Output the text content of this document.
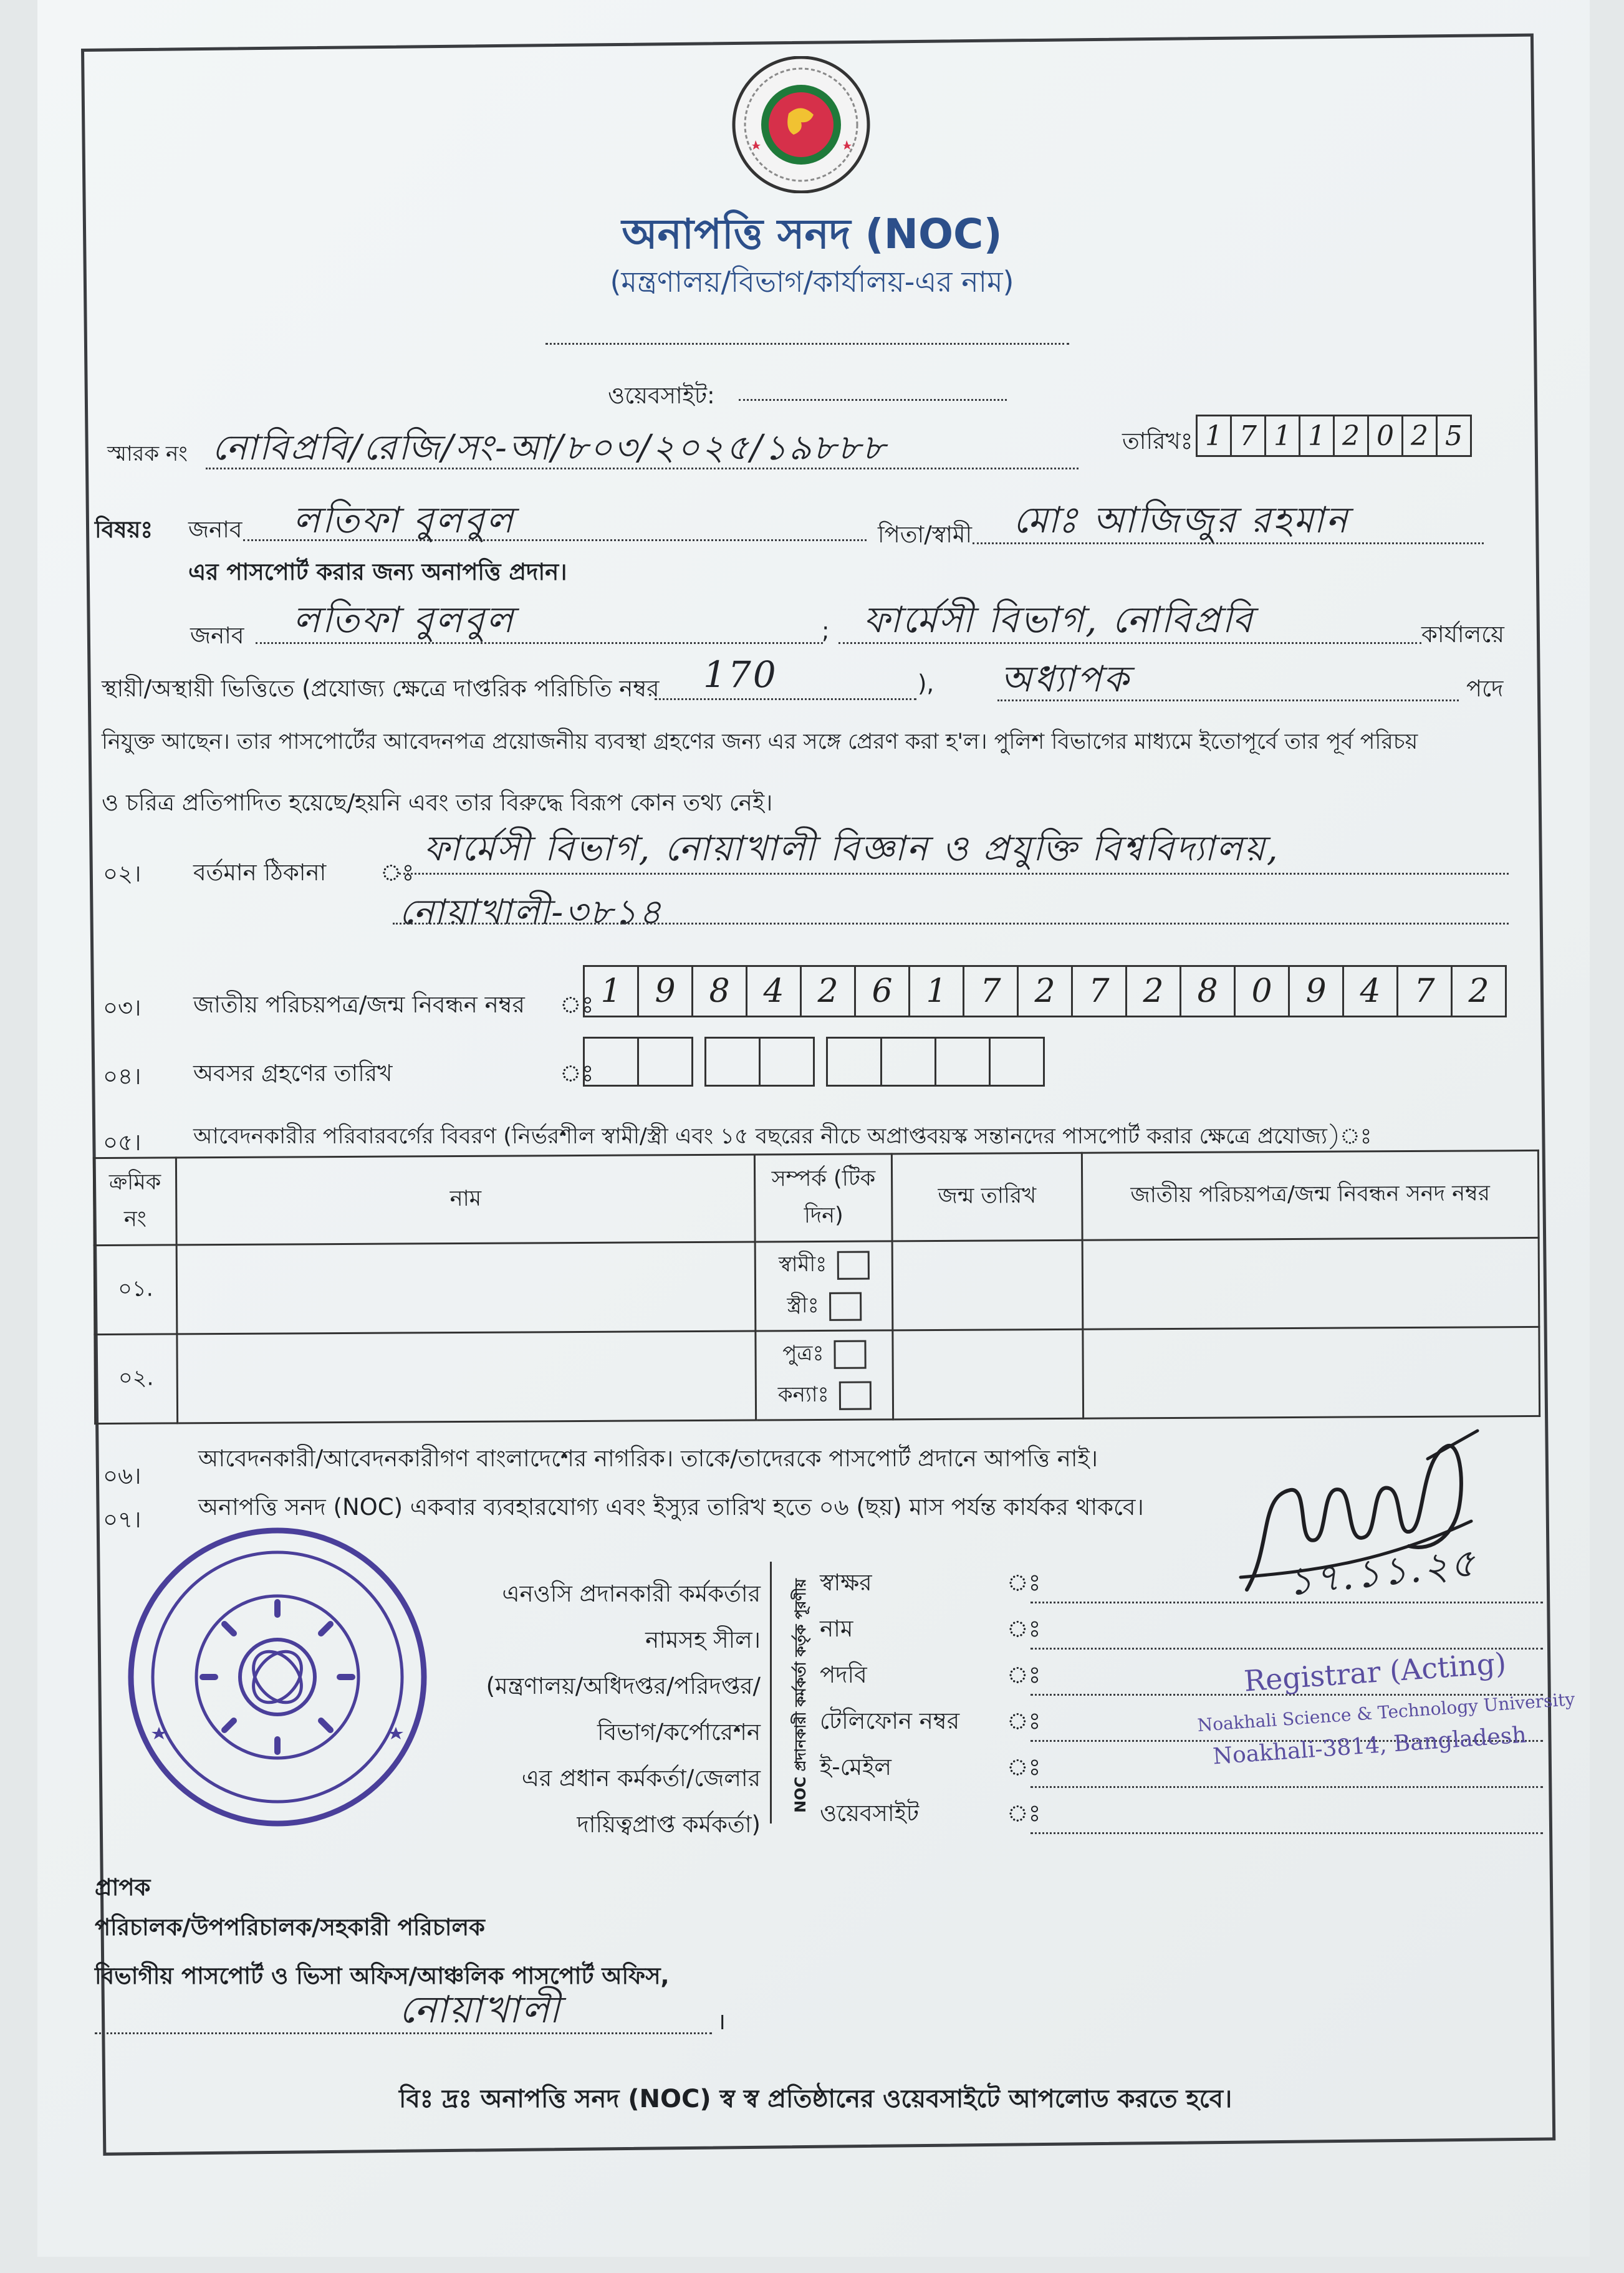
অনাপত্তি সনদ (NOC)
(মন্ত্রণালয়/বিভাগ/কার্যালয়-এর নাম)
ওয়েবসাইট:
স্মারক নং নোবিপ্রবি/রেজি/সং-আ/৮০৩/২০২৫/১৯৮৮৮	তারিখঃ 1 7 1 1 2 0 2 5
বিষয়ঃ জনাব লতিফা বুলবুল	পিতা/স্বামী মোঃ আজিজুর রহমান
এর পাসপোর্ট করার জন্য অনাপত্তি প্রদান।
জনাব লতিফা বুলবুল	; ফার্মেসী বিভাগ, নোবিপ্রবি	কার্যালয়ে
স্থায়ী/অস্থায়ী ভিত্তিতে (প্রযোজ্য ক্ষেত্রে দাপ্তরিক পরিচিতি নম্বর 170	), অধ্যাপক	পদে
নিযুক্ত আছেন। তার পাসপোর্টের আবেদনপত্র প্রয়োজনীয় ব্যবস্থা গ্রহণের জন্য এর সঙ্গে প্রেরণ করা হ'ল। পুলিশ বিভাগের মাধ্যমে ইতোপূর্বে তার পূর্ব পরিচয়
ও চরিত্র প্রতিপাদিত হয়েছে/হয়নি এবং তার বিরুদ্ধে বিরূপ কোন তথ্য নেই।
০২। বর্তমান ঠিকানা ঃ
ফার্মেসী বিভাগ, নোয়াখালী বিজ্ঞান ও প্রযুক্তি বিশ্ববিদ্যালয়,
নোয়াখালী-৩৮১৪
০৩। জাতীয় পরিচয়পত্র/জন্ম নিবন্ধন নম্বর ঃ 1	9	8	4	2	6	1	7	2	7	2	8	0	9	4	7	2
০৪। অবসর গ্রহণের তারিখ	ঃ
০৫। আবেদনকারীর পরিবারবর্গের বিবরণ (নির্ভরশীল স্বামী/স্ত্রী এবং ১৫ বছরের নীচে অপ্রাপ্তবয়স্ক সন্তানদের পাসপোর্ট করার ক্ষেত্রে প্রযোজ্য)ঃ
ক্রমিক নং	নাম	সম্পর্ক (টিক দিন)	জন্ম তারিখ	জাতীয় পরিচয়পত্র/জন্ম নিবন্ধন সনদ নম্বর
০১.		স্বামীঃ
স্ত্রীঃ		

০২.		পুত্রঃ
কন্যাঃ		

০৬।
আবেদনকারী/আবেদনকারীগণ বাংলাদেশের নাগরিক। তাকে/তাদেরকে পাসপোর্ট প্রদানে আপত্তি নাই।
০৭। অনাপত্তি সনদ (NOC) একবার ব্যবহারযোগ্য এবং ইস্যুর তারিখ হতে ০৬ (ছয়) মাস পর্যন্ত কার্যকর থাকবে।
এনওসি প্রদানকারী কর্মকর্তার
নামসহ সীল।
(মন্ত্রণালয়/অধিদপ্তর/পরিদপ্তর/
বিভাগ/কর্পোরেশন
এর প্রধান কর্মকর্তা/জেলার
দায়িত্বপ্রাপ্ত কর্মকর্তা)
NOC প্রদানকারী কর্মকর্তা কর্তৃক পূরণীয় স্বাক্ষর	ঃ
নাম	ঃ
পদবি	ঃ
টেলিফোন নম্বর	ঃ
ই-মেইল	ঃ
ওয়েবসাইট	ঃ
১৭.১১.২৫
Registrar (Acting)
Noakhali Science & Technology University
Noakhali-3814, Bangladesh
প্রাপক
পরিচালক/উপপরিচালক/সহকারী পরিচালক
বিভাগীয় পাসপোর্ট ও ভিসা অফিস/আঞ্চলিক পাসপোর্ট অফিস,
নোয়াখালী	।
বিঃ দ্রঃ অনাপত্তি সনদ (NOC) স্ব স্ব প্রতিষ্ঠানের ওয়েবসাইটে আপলোড করতে হবে।
